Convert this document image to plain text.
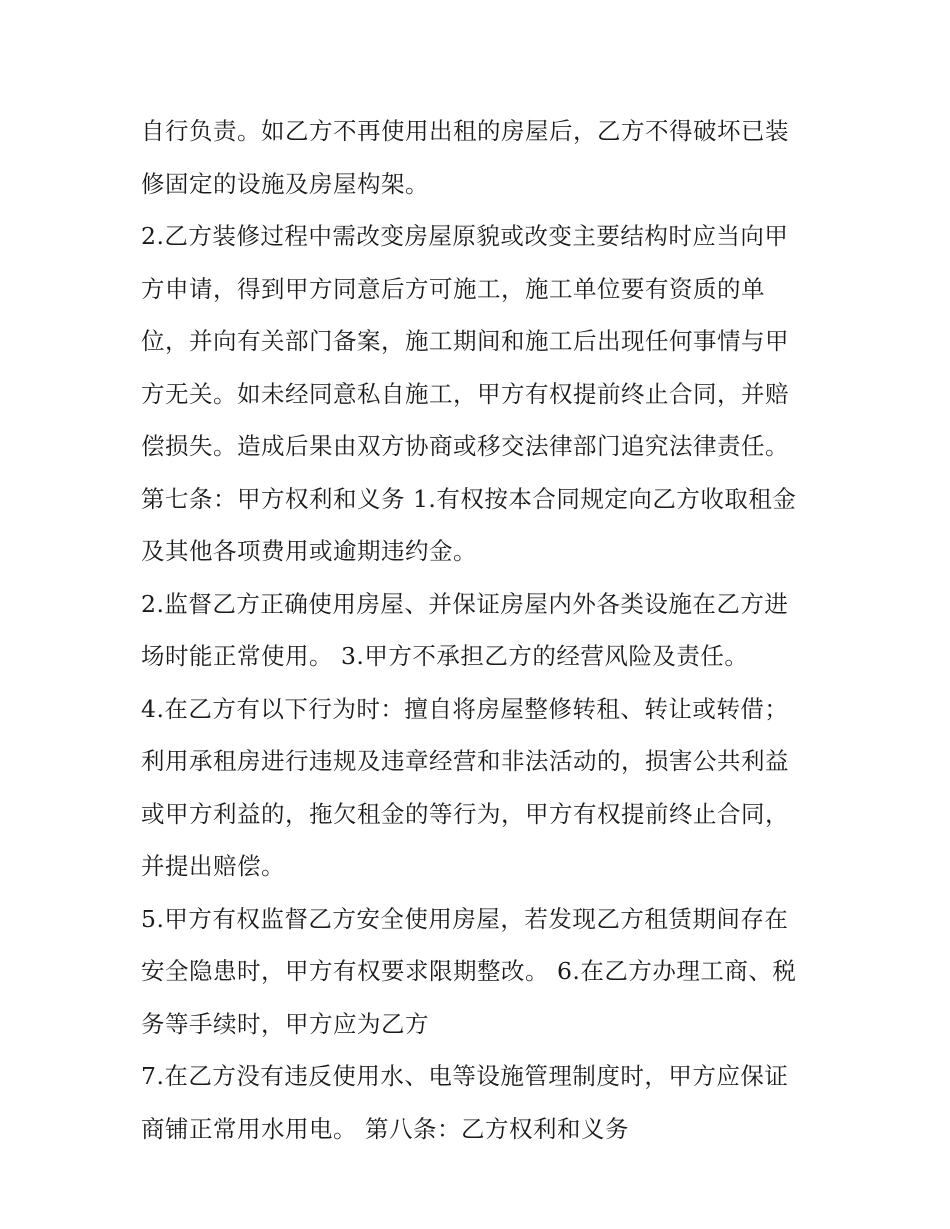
自行负责。如乙方不再使用出租的房屋后，乙方不得破坏已装
修固定的设施及房屋构架。
2.乙方装修过程中需改变房屋原貌或改变主要结构时应当向甲
方申请，得到甲方同意后方可施工，施工单位要有资质的单
位，并向有关部门备案，施工期间和施工后出现任何事情与甲
方无关。如未经同意私自施工，甲方有权提前终止合同，并赔
偿损失。造成后果由双方协商或移交法律部门追究法律责任。
第七条：甲方权利和义务 1.有权按本合同规定向乙方收取租金
及其他各项费用或逾期违约金。
2.监督乙方正确使用房屋、并保证房屋内外各类设施在乙方进
场时能正常使用。 3.甲方不承担乙方的经营风险及责任。
4.在乙方有以下行为时：擅自将房屋整修转租、转让或转借；
利用承租房进行违规及违章经营和非法活动的，损害公共利益
或甲方利益的，拖欠租金的等行为，甲方有权提前终止合同，
并提出赔偿。
5.甲方有权监督乙方安全使用房屋，若发现乙方租赁期间存在
安全隐患时，甲方有权要求限期整改。 6.在乙方办理工商、税
务等手续时，甲方应为乙方
7.在乙方没有违反使用水、电等设施管理制度时，甲方应保证
商铺正常用水用电。 第八条：乙方权利和义务
